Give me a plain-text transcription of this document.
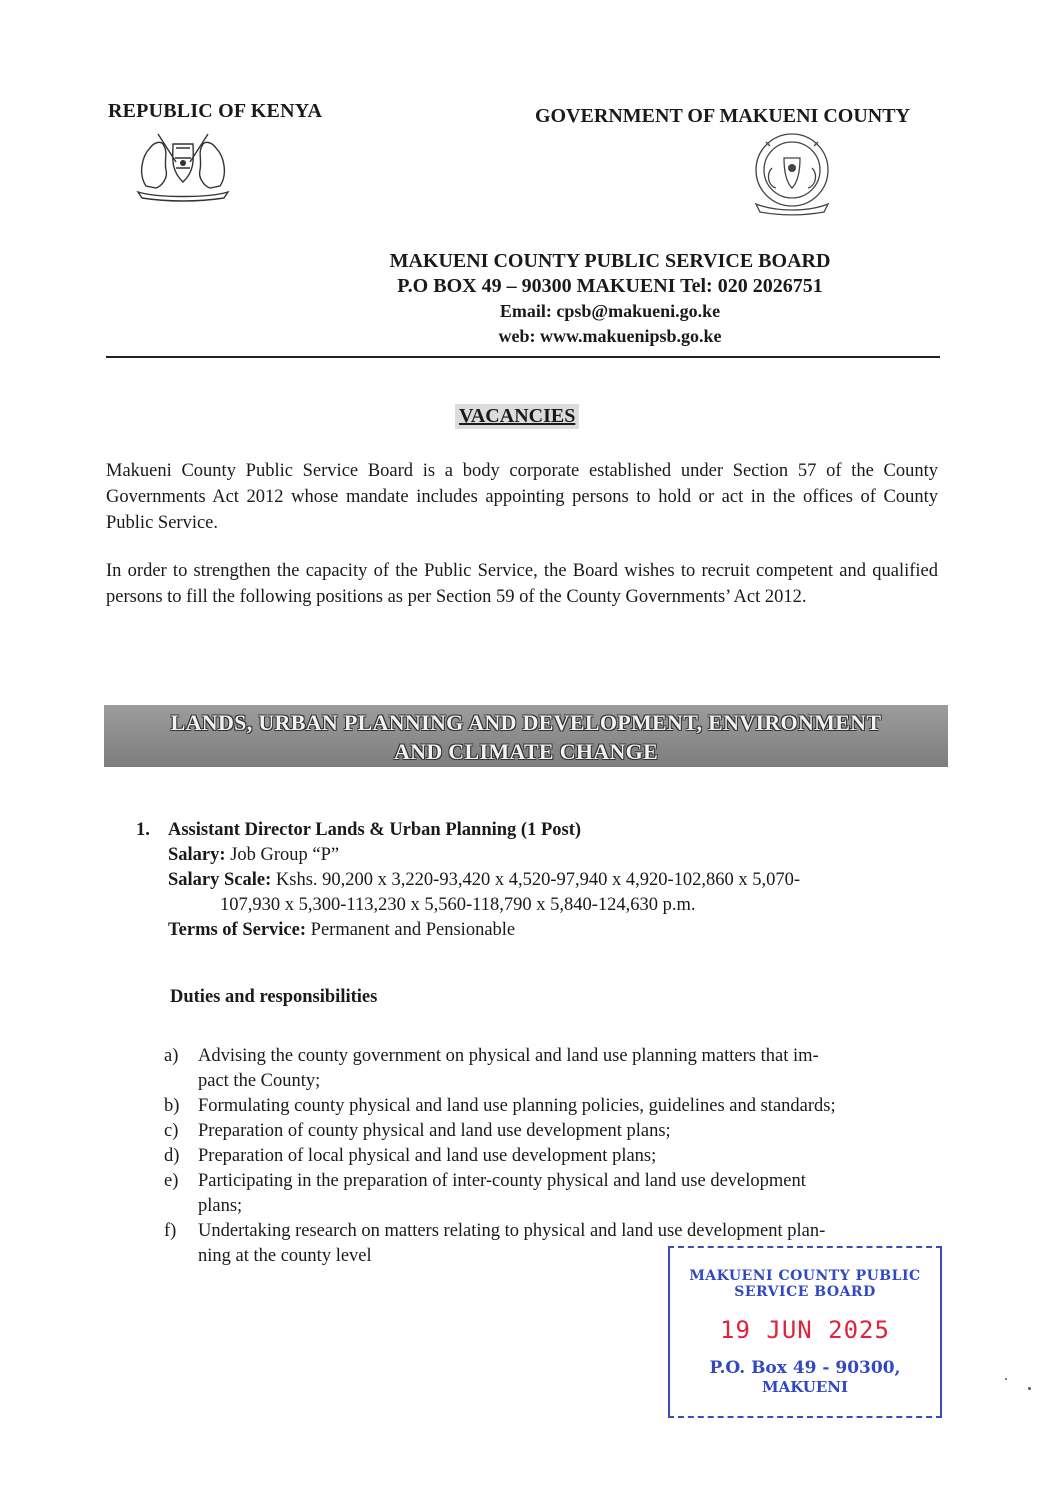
REPUBLIC OF KENYA	GOVERNMENT OF MAKUENI COUNTY
MAKUENI COUNTY PUBLIC SERVICE BOARD
P.O BOX 49 – 90300 MAKUENI Tel: 020 2026751
Email: cpsb@makueni.go.ke
web: www.makuenipsb.go.ke
VACANCIES
Makueni County Public Service Board is a body corporate established under Section 57 of the County Governments Act 2012 whose mandate includes appointing persons to hold or act in the offices of County Public Service.
In order to strengthen the capacity of the Public Service, the Board wishes to recruit competent and qualified persons to fill the following positions as per Section 59 of the County Governments’ Act 2012.
LANDS, URBAN PLANNING AND DEVELOPMENT, ENVIRONMENT
AND CLIMATE CHANGE
1. Assistant Director Lands & Urban Planning (1 Post)
Salary: Job Group “P”
Salary Scale: Kshs. 90,200 x 3,220-93,420 x 4,520-97,940 x 4,920-102,860 x 5,070-
107,930 x 5,300-113,230 x 5,560-118,790 x 5,840-124,630 p.m.
Terms of Service: Permanent and Pensionable
Duties and responsibilities
a) Advising the county government on physical and land use planning matters that im-
pact the County;
b) Formulating county physical and land use planning policies, guidelines and standards;
c) Preparation of county physical and land use development plans;
d) Preparation of local physical and land use development plans;
e) Participating in the preparation of inter-county physical and land use development
plans;
f) Undertaking research on matters relating to physical and land use development plan-
ning at the county level
MAKUENI COUNTY PUBLIC
SERVICE BOARD
19 JUN 2025
P.O. Box 49 - 90300,
MAKUENI
